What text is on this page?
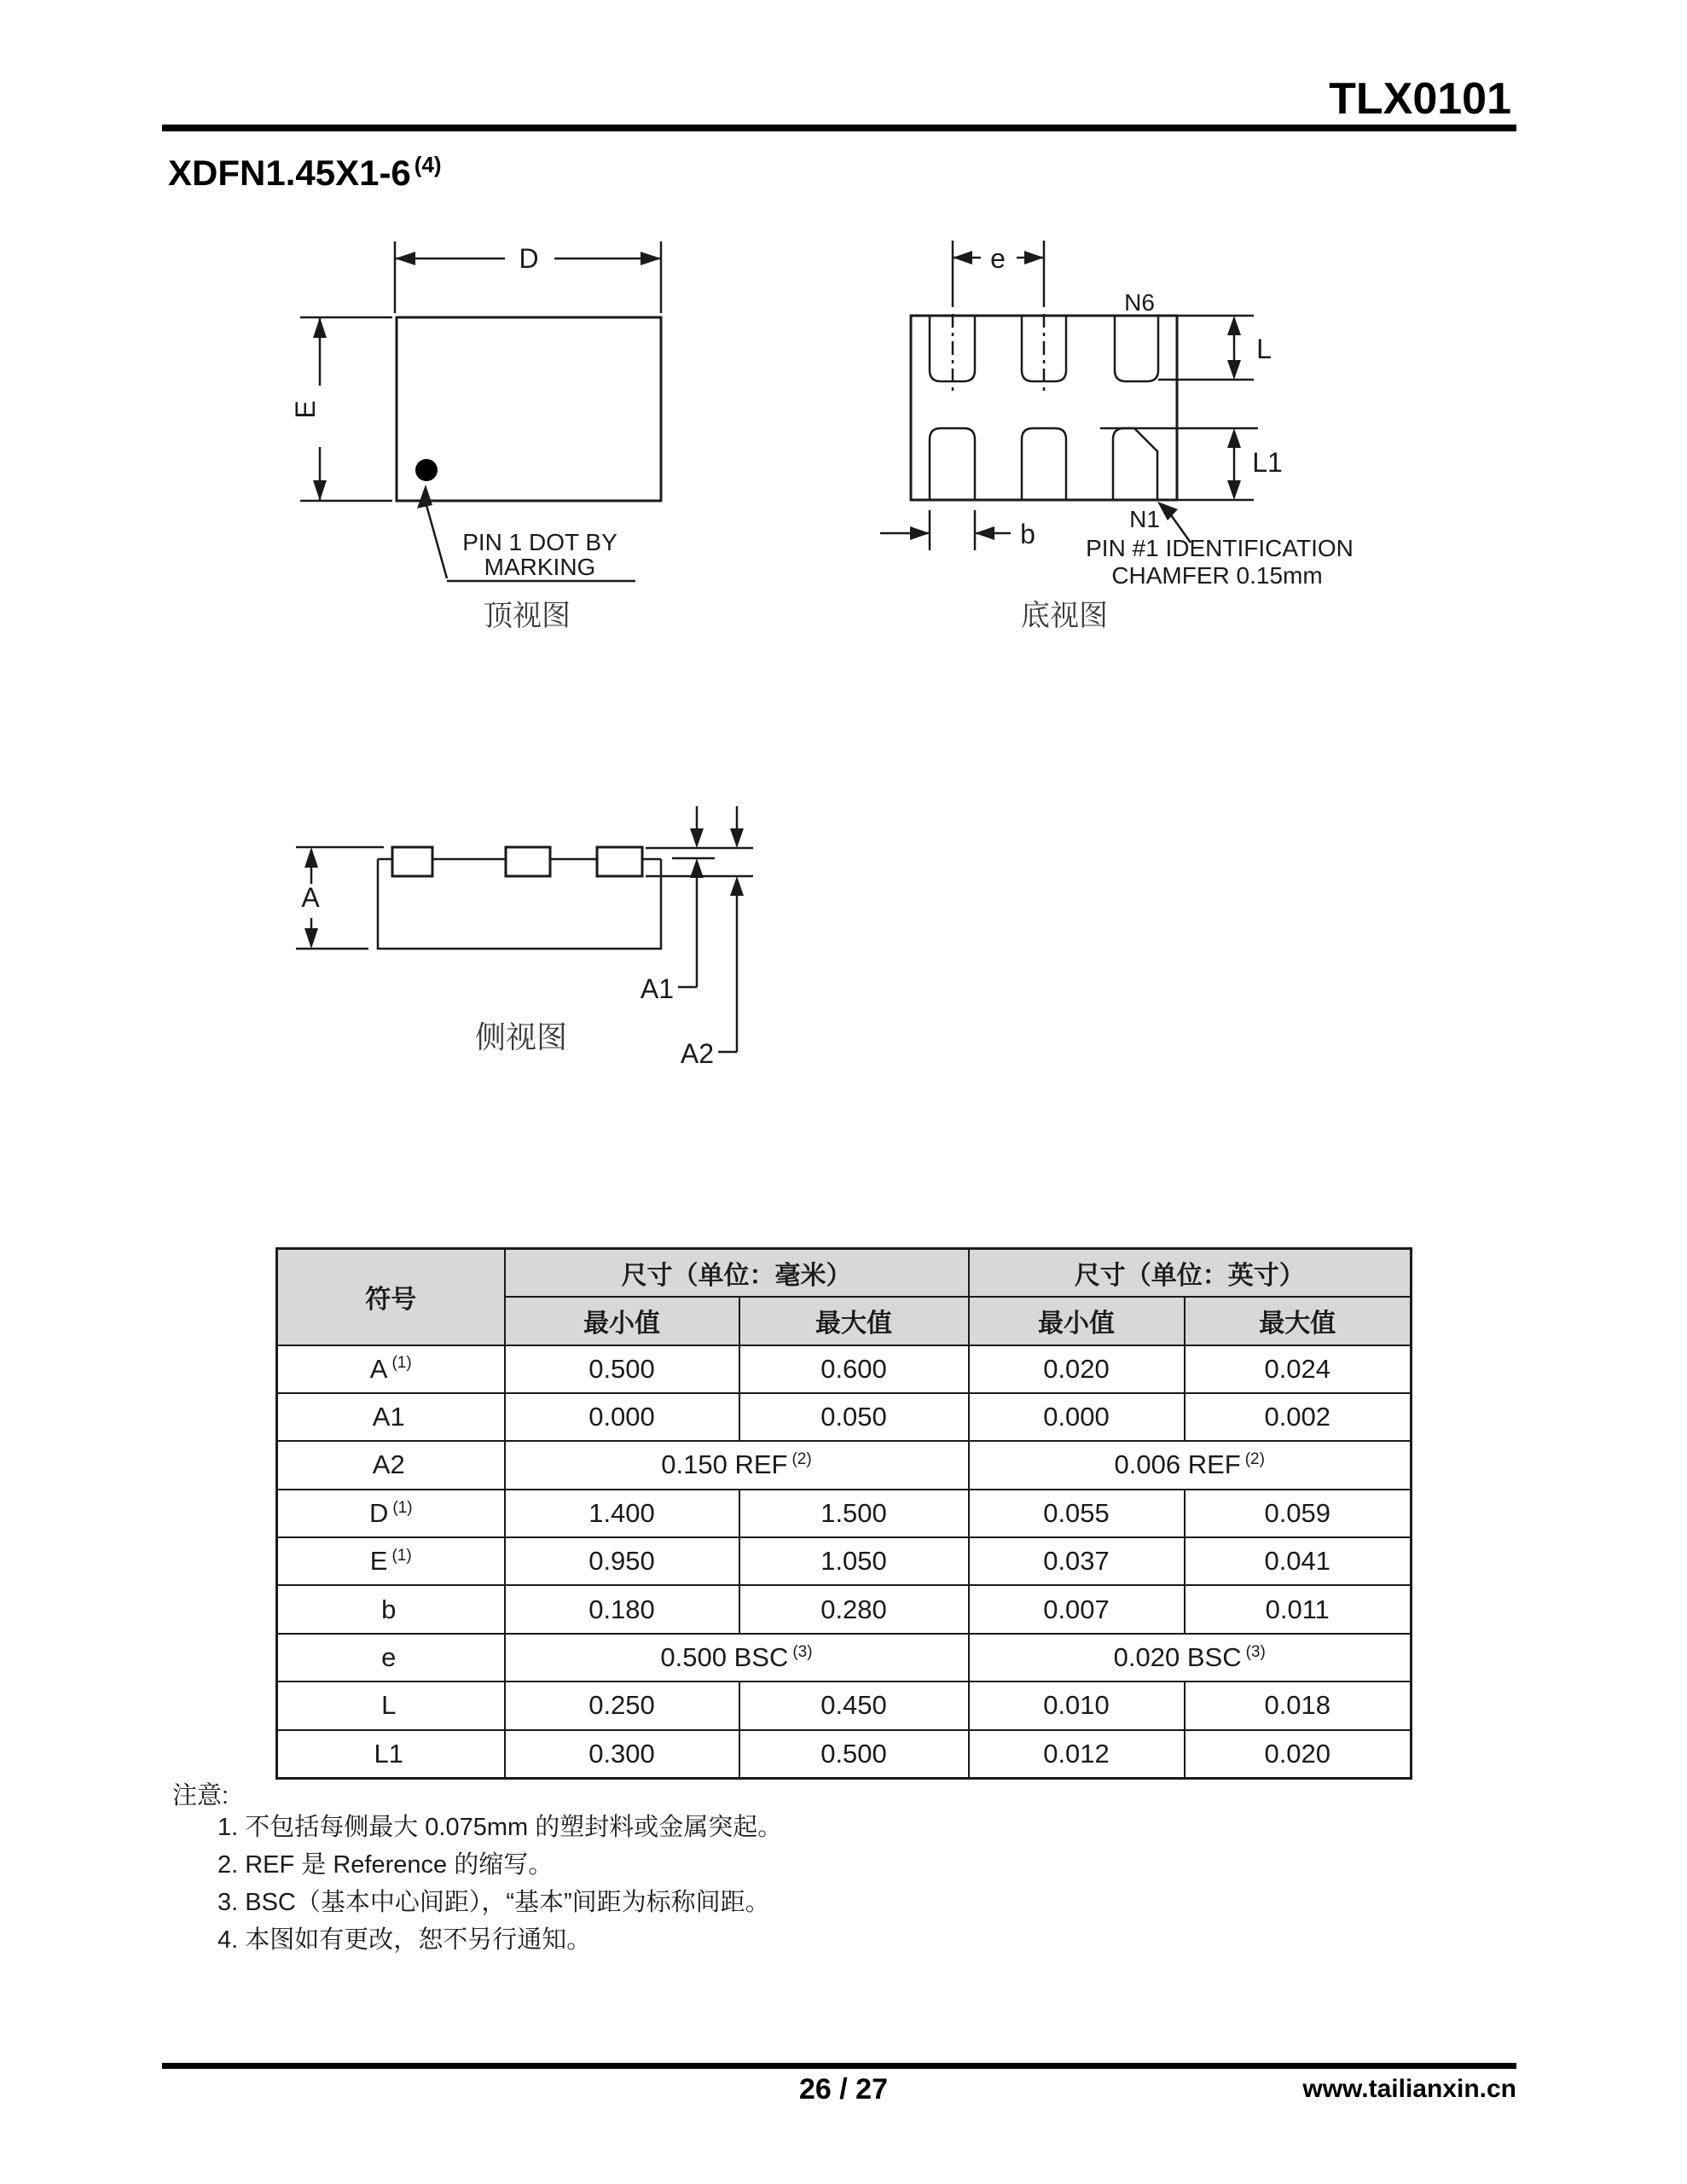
TLX0101
XDFN1.45X1-6 $^{(4)}$
D
E
PIN 1 DOT BY
MARKING
顶视图
e
N6
L
L1
b	N1
PIN #1 IDENTIFICATION
CHAMFER 0.15mm
底视图
A
A1
A2
侧视图
符号	尺寸（单位：毫米）		尺寸（单位：英寸）	
	最小值	最大值	最小值	最大值
A $^{(1)}$	0.500	0.600	0.020	0.024
A1	0.000	0.050	0.000	0.002
A2	0.150 REF $^{(2)}$		0.006 REF $^{(2)}$
D $^{(1)}$	1.400	1.500	0.055	0.059
E $^{(1)}$	0.950	1.050	0.037	0.041
b	0.180	0.280	0.007	0.011
e	0.500 BSC $^{(3)}$		0.020 BSC $^{(3)}$
L	0.250	0.450	0.010	0.018
L1	0.300	0.500	0.012	0.020
注意:
1. 不包括每侧最大 0.075mm 的塑封料或金属突起。
2. REF 是 Reference 的缩写。
3. BSC（基本中心间距），“基本”间距为标称间距。
4. 本图如有更改，恕不另行通知。
26 / 27	www.tailianxin.cn
